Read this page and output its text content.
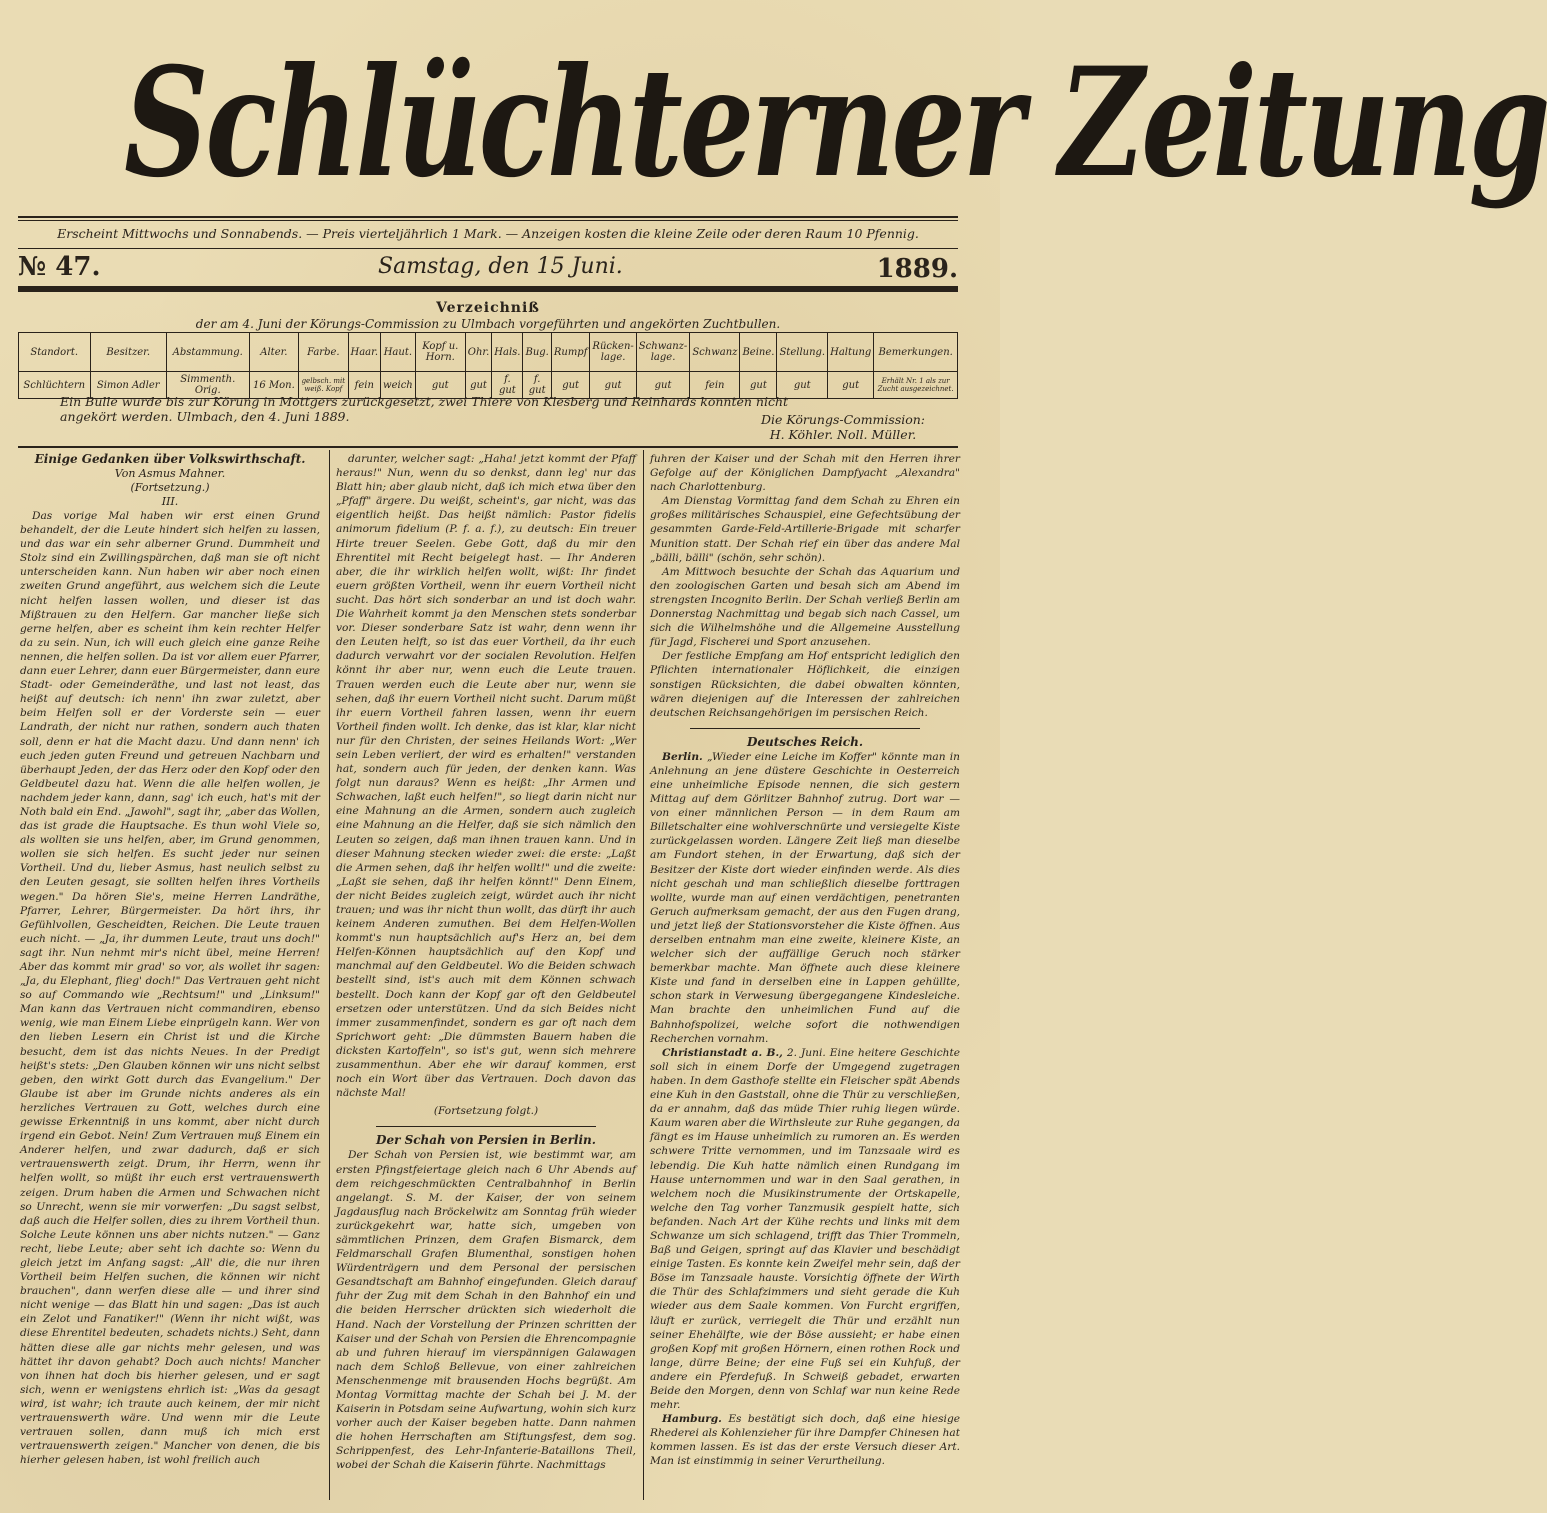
Schlüchterner Zeitung
Erscheint Mittwochs und Sonnabends. — Preis vierteljährlich 1 Mark. — Anzeigen kosten die kleine Zeile oder deren Raum 10 Pfennig.
№ 47.	Samstag, den 15 Juni.	1889.
Verzeichniß
der am 4. Juni der Körungs-Commission zu Ulmbach vorgeführten und angekörten Zuchtbullen.
Standort.	Besitzer.	Abstammung.	Alter.	Farbe.	Haar.	Haut.	Kopf u. Horn.	Ohr.	Hals.	Bug.	Rumpf	Rücken-lage.	Schwanz-lage.	Schwanz	Beine.	Stellung.	Haltung	Bemerkungen.
Schlüchtern	Simon Adler	Simmenth. Orig.	16 Mon.	gelbsch. mit weiß. Kopf	fein	weich	gut	gut	f. gut	f. gut	gut	gut	gut	fein	gut	gut	gut	Erhält Nr. 1 als zur Zucht ausgezeichnet.
Ein Bulle wurde bis zur Körung in Mottgers zurückgesetzt, zwei Thiere von Klesberg und Reinhards konnten nicht angekört werden. Ulmbach, den 4. Juni 1889.	Die Körungs-Commission:
H. Köhler. Noll. Müller.
Einige Gedanken über Volkswirthschaft.
Von Asmus Mahner.
(Fortsetzung.)
III.

Das vorige Mal haben wir erst einen Grund behandelt, der die Leute hindert sich helfen zu lassen, und das war ein sehr alberner Grund. Dummheit und Stolz sind ein Zwillingspärchen, daß man sie oft nicht unterscheiden kann. Nun haben wir aber noch einen zweiten Grund angeführt, aus welchem sich die Leute nicht helfen lassen wollen, und dieser ist das Mißtrauen zu den Helfern. Gar mancher ließe sich gerne helfen, aber es scheint ihm kein rechter Helfer da zu sein. Nun, ich will euch gleich eine ganze Reihe nennen, die helfen sollen. Da ist vor allem euer Pfarrer, dann euer Lehrer, dann euer Bürgermeister, dann eure Stadt- oder Gemeinderäthe, und last not least, das heißt auf deutsch: ich nenn' ihn zwar zuletzt, aber beim Helfen soll er der Vorderste sein — euer Landrath, der nicht nur rathen, sondern auch thaten soll, denn er hat die Macht dazu. Und dann nenn' ich euch jeden guten Freund und getreuen Nachbarn und überhaupt Jeden, der das Herz oder den Kopf oder den Geldbeutel dazu hat. Wenn die alle helfen wollen, je nachdem jeder kann, dann, sag' ich euch, hat's mit der Noth bald ein End. „Jawohl", sagt ihr, „aber das Wollen, das ist grade die Hauptsache. Es thun wohl Viele so, als wollten sie uns helfen, aber, im Grund genommen, wollen sie sich helfen. Es sucht jeder nur seinen Vortheil. Und du, lieber Asmus, hast neulich selbst zu den Leuten gesagt, sie sollten helfen ihres Vortheils wegen." Da hören Sie's, meine Herren Landräthe, Pfarrer, Lehrer, Bürgermeister. Da hört ihrs, ihr Gefühlvollen, Gescheidten, Reichen. Die Leute trauen euch nicht. — „Ja, ihr dummen Leute, traut uns doch!" sagt ihr. Nun nehmt mir's nicht übel, meine Herren! Aber das kommt mir grad' so vor, als wollet ihr sagen: „Ja, du Elephant, flieg' doch!" Das Vertrauen geht nicht so auf Commando wie „Rechtsum!" und „Linksum!" Man kann das Vertrauen nicht commandiren, ebenso wenig, wie man Einem Liebe einprügeln kann. Wer von den lieben Lesern ein Christ ist und die Kirche besucht, dem ist das nichts Neues. In der Predigt heißt's stets: „Den Glauben können wir uns nicht selbst geben, den wirkt Gott durch das Evangelium." Der Glaube ist aber im Grunde nichts anderes als ein herzliches Vertrauen zu Gott, welches durch eine gewisse Erkenntniß in uns kommt, aber nicht durch irgend ein Gebot. Nein! Zum Vertrauen muß Einem ein Anderer helfen, und zwar dadurch, daß er sich vertrauenswerth zeigt. Drum, ihr Herrn, wenn ihr helfen wollt, so müßt ihr euch erst vertrauenswerth zeigen. Drum haben die Armen und Schwachen nicht so Unrecht, wenn sie mir vorwerfen: „Du sagst selbst, daß auch die Helfer sollen, dies zu ihrem Vortheil thun. Solche Leute können uns aber nichts nutzen." — Ganz recht, liebe Leute; aber seht ich dachte so: Wenn du gleich jetzt im Anfang sagst: „All' die, die nur ihren Vortheil beim Helfen suchen, die können wir nicht brauchen", dann werfen diese alle — und ihrer sind nicht wenige — das Blatt hin und sagen: „Das ist auch ein Zelot und Fanatiker!" (Wenn ihr nicht wißt, was diese Ehrentitel bedeuten, schadets nichts.) Seht, dann hätten diese alle gar nichts mehr gelesen, und was hättet ihr davon gehabt? Doch auch nichts! Mancher von ihnen hat doch bis hierher gelesen, und er sagt sich, wenn er wenigstens ehrlich ist: „Was da gesagt wird, ist wahr; ich traute auch keinem, der mir nicht vertrauenswerth wäre. Und wenn mir die Leute vertrauen sollen, dann muß ich mich erst vertrauenswerth zeigen." Mancher von denen, die bis hierher gelesen haben, ist wohl freilich auch

darunter, welcher sagt: „Haha! jetzt kommt der Pfaff heraus!" Nun, wenn du so denkst, dann leg' nur das Blatt hin; aber glaub nicht, daß ich mich etwa über den „Pfaff" ärgere. Du weißt, scheint's, gar nicht, was das eigentlich heißt. Das heißt nämlich: Pastor fidelis animorum fidelium (P. f. a. f.), zu deutsch: Ein treuer Hirte treuer Seelen. Gebe Gott, daß du mir den Ehrentitel mit Recht beigelegt hast. — Ihr Anderen aber, die ihr wirklich helfen wollt, wißt: Ihr findet euern größten Vortheil, wenn ihr euern Vortheil nicht sucht. Das hört sich sonderbar an und ist doch wahr. Die Wahrheit kommt ja den Menschen stets sonderbar vor. Dieser sonderbare Satz ist wahr, denn wenn ihr den Leuten helft, so ist das euer Vortheil, da ihr euch dadurch verwahrt vor der socialen Revolution. Helfen könnt ihr aber nur, wenn euch die Leute trauen. Trauen werden euch die Leute aber nur, wenn sie sehen, daß ihr euern Vortheil nicht sucht. Darum müßt ihr euern Vortheil fahren lassen, wenn ihr euern Vortheil finden wollt. Ich denke, das ist klar, klar nicht nur für den Christen, der seines Heilands Wort: „Wer sein Leben verliert, der wird es erhalten!" verstanden hat, sondern auch für jeden, der denken kann. Was folgt nun daraus? Wenn es heißt: „Ihr Armen und Schwachen, laßt euch helfen!", so liegt darin nicht nur eine Mahnung an die Armen, sondern auch zugleich eine Mahnung an die Helfer, daß sie sich nämlich den Leuten so zeigen, daß man ihnen trauen kann. Und in dieser Mahnung stecken wieder zwei: die erste: „Laßt die Armen sehen, daß ihr helfen wollt!" und die zweite: „Laßt sie sehen, daß ihr helfen könnt!" Denn Einem, der nicht Beides zugleich zeigt, würdet auch ihr nicht trauen; und was ihr nicht thun wollt, das dürft ihr auch keinem Anderen zumuthen. Bei dem Helfen-Wollen kommt's nun hauptsächlich auf's Herz an, bei dem Helfen-Können hauptsächlich auf den Kopf und manchmal auf den Geldbeutel. Wo die Beiden schwach bestellt sind, ist's auch mit dem Können schwach bestellt. Doch kann der Kopf gar oft den Geldbeutel ersetzen oder unterstützen. Und da sich Beides nicht immer zusammenfindet, sondern es gar oft nach dem Sprichwort geht: „Die dümmsten Bauern haben die dicksten Kartoffeln", so ist's gut, wenn sich mehrere zusammenthun. Aber ehe wir darauf kommen, erst noch ein Wort über das Vertrauen. Doch davon das nächste Mal!

(Fortsetzung folgt.)
Der Schah von Persien in Berlin.

Der Schah von Persien ist, wie bestimmt war, am ersten Pfingstfeiertage gleich nach 6 Uhr Abends auf dem reichgeschmückten Centralbahnhof in Berlin angelangt. S. M. der Kaiser, der von seinem Jagdausflug nach Bröckelwitz am Sonntag früh wieder zurückgekehrt war, hatte sich, umgeben von sämmtlichen Prinzen, dem Grafen Bismarck, dem Feldmarschall Grafen Blumenthal, sonstigen hohen Würdenträgern und dem Personal der persischen Gesandtschaft am Bahnhof eingefunden. Gleich darauf fuhr der Zug mit dem Schah in den Bahnhof ein und die beiden Herrscher drückten sich wiederholt die Hand. Nach der Vorstellung der Prinzen schritten der Kaiser und der Schah von Persien die Ehrencompagnie ab und fuhren hierauf im vierspännigen Galawagen nach dem Schloß Bellevue, von einer zahlreichen Menschenmenge mit brausenden Hochs begrüßt. Am Montag Vormittag machte der Schah bei J. M. der Kaiserin in Potsdam seine Aufwartung, wohin sich kurz vorher auch der Kaiser begeben hatte. Dann nahmen die hohen Herrschaften am Stiftungsfest, dem sog. Schrippenfest, des Lehr-Infanterie-Bataillons Theil, wobei der Schah die Kaiserin führte. Nachmittags

fuhren der Kaiser und der Schah mit den Herren ihrer Gefolge auf der Königlichen Dampfyacht „Alexandra" nach Charlottenburg.

Am Dienstag Vormittag fand dem Schah zu Ehren ein großes militärisches Schauspiel, eine Gefechtsübung der gesammten Garde-Feld-Artillerie-Brigade mit scharfer Munition statt. Der Schah rief ein über das andere Mal „bälli, bälli" (schön, sehr schön).

Am Mittwoch besuchte der Schah das Aquarium und den zoologischen Garten und besah sich am Abend im strengsten Incognito Berlin. Der Schah verließ Berlin am Donnerstag Nachmittag und begab sich nach Cassel, um sich die Wilhelmshöhe und die Allgemeine Ausstellung für Jagd, Fischerei und Sport anzusehen.

Der festliche Empfang am Hof entspricht lediglich den Pflichten internationaler Höflichkeit, die einzigen sonstigen Rücksichten, die dabei obwalten könnten, wären diejenigen auf die Interessen der zahlreichen deutschen Reichsangehörigen im persischen Reich.

Deutsches Reich.

Berlin. „Wieder eine Leiche im Koffer" könnte man in Anlehnung an jene düstere Geschichte in Oesterreich eine unheimliche Episode nennen, die sich gestern Mittag auf dem Görlitzer Bahnhof zutrug. Dort war — von einer männlichen Person — in dem Raum am Billetschalter eine wohlverschnürte und versiegelte Kiste zurückgelassen worden. Längere Zeit ließ man dieselbe am Fundort stehen, in der Erwartung, daß sich der Besitzer der Kiste dort wieder einfinden werde. Als dies nicht geschah und man schließlich dieselbe forttragen wollte, wurde man auf einen verdächtigen, penetranten Geruch aufmerksam gemacht, der aus den Fugen drang, und jetzt ließ der Stationsvorsteher die Kiste öffnen. Aus derselben entnahm man eine zweite, kleinere Kiste, an welcher sich der auffällige Geruch noch stärker bemerkbar machte. Man öffnete auch diese kleinere Kiste und fand in derselben eine in Lappen gehüllte, schon stark in Verwesung übergegangene Kindesleiche. Man brachte den unheimlichen Fund auf die Bahnhofspolizei, welche sofort die nothwendigen Recherchen vornahm.

Christianstadt a. B., 2. Juni. Eine heitere Geschichte soll sich in einem Dorfe der Umgegend zugetragen haben. In dem Gasthofe stellte ein Fleischer spät Abends eine Kuh in den Gaststall, ohne die Thür zu verschließen, da er annahm, daß das müde Thier ruhig liegen würde. Kaum waren aber die Wirthsleute zur Ruhe gegangen, da fängt es im Hause unheimlich zu rumoren an. Es werden schwere Tritte vernommen, und im Tanzsaale wird es lebendig. Die Kuh hatte nämlich einen Rundgang im Hause unternommen und war in den Saal gerathen, in welchem noch die Musikinstrumente der Ortskapelle, welche den Tag vorher Tanzmusik gespielt hatte, sich befanden. Nach Art der Kühe rechts und links mit dem Schwanze um sich schlagend, trifft das Thier Trommeln, Baß und Geigen, springt auf das Klavier und beschädigt einige Tasten. Es konnte kein Zweifel mehr sein, daß der Böse im Tanzsaale hauste. Vorsichtig öffnete der Wirth die Thür des Schlafzimmers und sieht gerade die Kuh wieder aus dem Saale kommen. Von Furcht ergriffen, läuft er zurück, verriegelt die Thür und erzählt nun seiner Ehehälfte, wie der Böse aussieht; er habe einen großen Kopf mit großen Hörnern, einen rothen Rock und lange, dürre Beine; der eine Fuß sei ein Kuhfuß, der andere ein Pferdefuß. In Schweiß gebadet, erwarten Beide den Morgen, denn von Schlaf war nun keine Rede mehr.

Hamburg. Es bestätigt sich doch, daß eine hiesige Rhederei als Kohlenzieher für ihre Dampfer Chinesen hat kommen lassen. Es ist das der erste Versuch dieser Art. Man ist einstimmig in seiner Verurtheilung.
